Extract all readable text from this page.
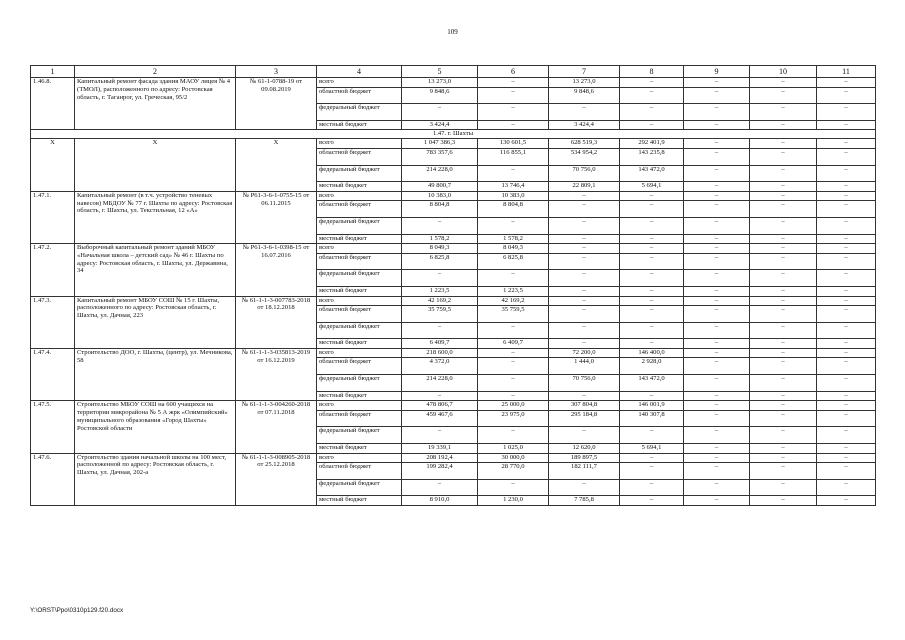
109
1	2	3	4	5	6	7	8	9	10	11
1.46.8.	Капитальный ремонт фасада здания МАОУ лицея № 4 (ТМОЛ), расположенного по адресу: Ростовская область, г. Таганрог, ул. Греческая, 95/2	№ 61-1-0788-19 от 09.08.2019	всего	13 273,0	–	13 273,0	–	–	–	–
			областной бюджет	9 848,6	–	9 848,6	–	–	–	–
			федеральный бюджет	–	–	–	–	–	–	–
			местный бюджет	3 424,4	–	3 424,4	–	–	–	–
1.47. г. Шахты										
Х	Х	Х	всего	1 047 386,3	130 601,5	628 519,3	292 401,9	–	–	–
			областной бюджет	783 357,6	116 855,1	534 954,2	143 235,8	–	–	–
			федеральный бюджет	214 228,0	–	70 756,0	143 472,0	–	–	–
			местный бюджет	49 800,7	13 746,4	22 809,1	5 694,1	–	–	–
1.47.1.	Капитальный ремонт (в т.ч. устройство теневых навесов) МБДОУ № 77 г. Шахты по адресу: Ростовская область, г. Шахты, ул. Текстильная, 12 «А»	№ Р61-3-6-1-0755-15 от 06.11.2015	всего	10 383,0	10 383,0	–	–	–	–	–
			областной бюджет	8 804,8	8 804,8	–	–	–	–	–
			федеральный бюджет	–	–	–	–	–	–	–
			местный бюджет	1 578,2	1 578,2	–	–	–	–	–
1.47.2.	Выборочный капитальный ремонт зданий МБОУ «Начальная школа – детский сад» № 46 г. Шахты по адресу: Ростовская область, г. Шахты, ул. Державина, 34	№ Р61-3-6-1-0398-15 от 16.07.2016	всего	8 049,3	8 049,3	–	–	–	–	–
			областной бюджет	6 825,8	6 825,8	–	–	–	–	–
			федеральный бюджет	–	–	–	–	–	–	–
			местный бюджет	1 223,5	1 223,5	–	–	–	–	–
1.47.3.	Капитальный ремонт МБОУ СОШ № 15 г. Шахты, расположенного по адресу: Ростовская область, г. Шахты, ул. Дачная, 223	№ 61-1-1-3-007783-2018 от 18.12.2018	всего	42 169,2	42 169,2	–	–	–	–	–
			областной бюджет	35 759,5	35 759,5	–	–	–	–	–
			федеральный бюджет	–	–	–	–	–	–	–
			местный бюджет	6 409,7	6 409,7	–	–	–	–	–
1.47.4.	Строительство ДОО, г. Шахты, (центр), ул. Мечникова, 58	№ 61-1-1-3-035813-2019 от 16.12.2019	всего	218 600,0	–	72 200,0	146 400,0	–	–	–
			областной бюджет	4 372,0	–	1 444,0	2 928,0	–	–	–
			федеральный бюджет	214 228,0	–	70 756,0	143 472,0	–	–	–
			местный бюджет	–	–	–	–	–	–	–
1.47.5.	Строительство МБОУ СОШ на 600 учащихся на территории микрорайона № 5 А жрк «Олимпийский» муниципального образования «Город Шахты» Ростовской области	№ 61-1-1-3-004260-2018 от 07.11.2018	всего	478 806,7	25 000,0	307 804,8	146 001,9	–	–	–
			областной бюджет	459 467,6	23 975,0	295 184,8	140 307,8	–	–	–
			федеральный бюджет	–	–	–	–	–	–	–
			местный бюджет	19 339,1	1 025,0	12 620,0	5 694,1	–	–	–
1.47.6.	Строительство здания начальной школы на 100 мест, расположенной по адресу: Ростовская область, г. Шахты, ул. Дачная, 202-а	№ 61-1-1-3-008905-2018 от 25.12.2018	всего	208 192,4	30 000,0	189 897,5	–	–	–	–
			областной бюджет	199 282,4	28 770,0	182 111,7	–	–	–	–
			федеральный бюджет	–	–	–	–	–	–	–
			местный бюджет	8 910,0	1 230,0	7 785,8	–	–	–	–
Y:\ORST\Ppo\0310p129.f20.docx
